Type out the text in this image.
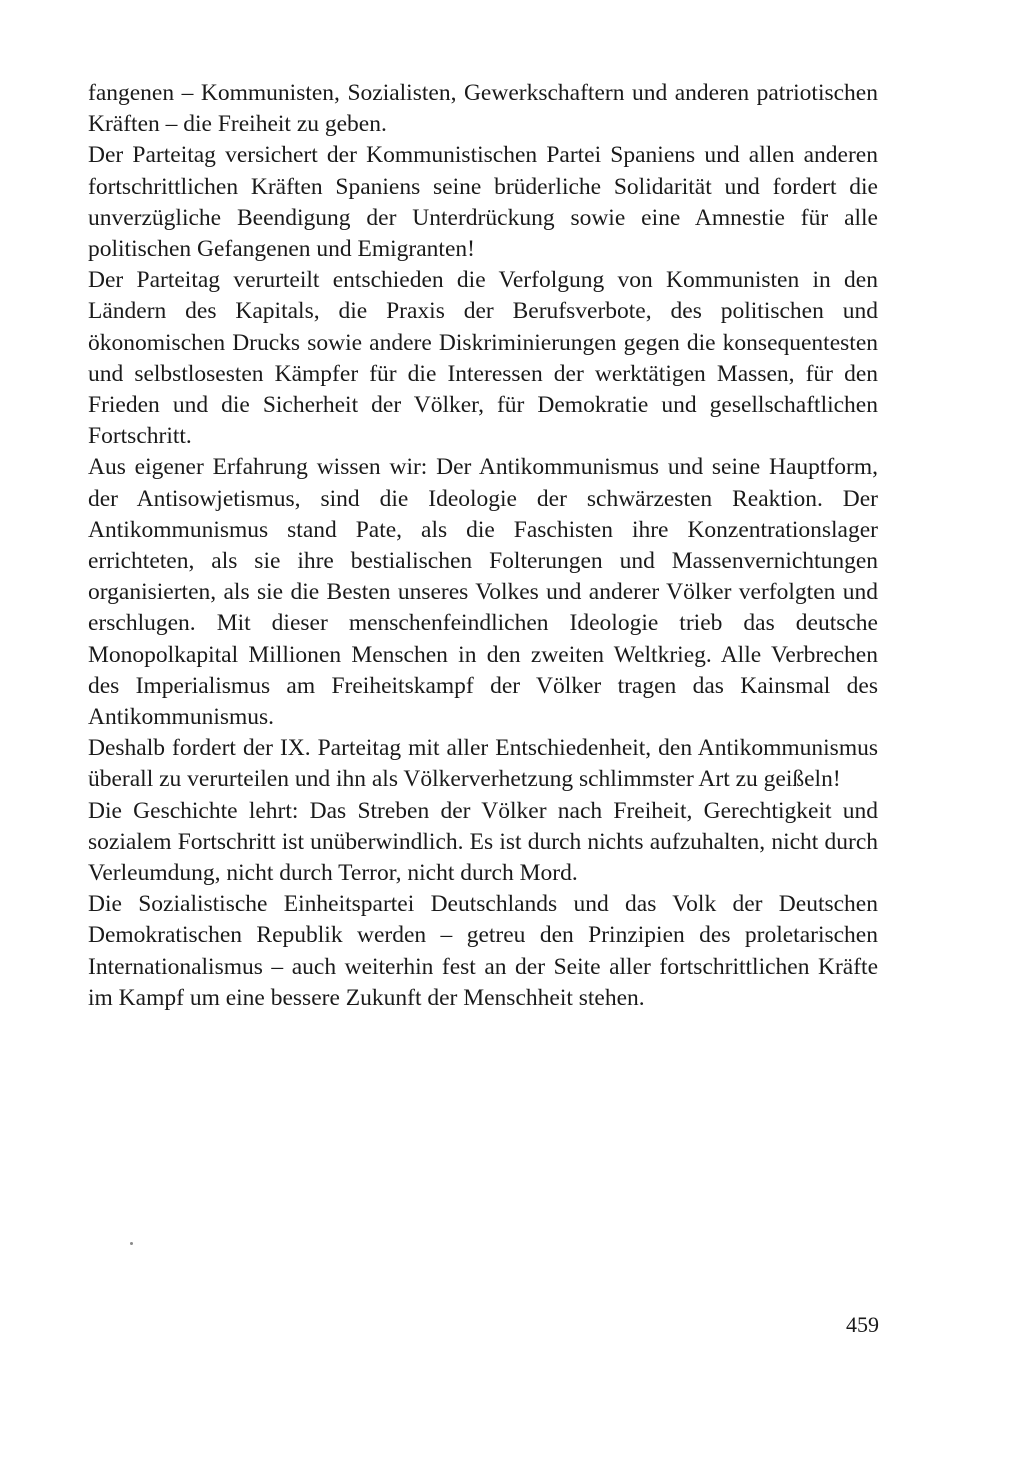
fangenen – Kommunisten, Sozialisten, Gewerkschaftern und anderen patriotischen Kräften – die Freiheit zu geben.

Der Parteitag versichert der Kommunistischen Partei Spaniens und allen anderen fortschrittlichen Kräften Spaniens seine brüderliche Solidarität und fordert die unverzügliche Beendigung der Unterdrückung sowie eine Amnestie für alle politischen Gefangenen und Emigranten!

Der Parteitag verurteilt entschieden die Verfolgung von Kommunisten in den Ländern des Kapitals, die Praxis der Berufsverbote, des politischen und ökonomischen Drucks sowie andere Diskriminierungen gegen die konsequentesten und selbstlosesten Kämpfer für die Interessen der werktätigen Massen, für den Frieden und die Sicherheit der Völker, für Demokratie und gesellschaftlichen Fortschritt.

Aus eigener Erfahrung wissen wir: Der Antikommunismus und seine Hauptform, der Antisowjetismus, sind die Ideologie der schwärzesten Reaktion. Der Antikommunismus stand Pate, als die Faschisten ihre Konzentrationslager errichteten, als sie ihre bestialischen Folterungen und Massenvernichtungen organisierten, als sie die Besten unseres Volkes und anderer Völker verfolgten und erschlugen. Mit dieser menschenfeindlichen Ideologie trieb das deutsche Monopolkapital Millionen Menschen in den zweiten Weltkrieg. Alle Verbrechen des Imperialismus am Freiheitskampf der Völker tragen das Kainsmal des Antikommunismus.

Deshalb fordert der IX. Parteitag mit aller Entschiedenheit, den Antikommunismus überall zu verurteilen und ihn als Völkerverhetzung schlimmster Art zu geißeln!

Die Geschichte lehrt: Das Streben der Völker nach Freiheit, Gerechtigkeit und sozialem Fortschritt ist unüberwindlich. Es ist durch nichts aufzuhalten, nicht durch Verleumdung, nicht durch Terror, nicht durch Mord.

Die Sozialistische Einheitspartei Deutschlands und das Volk der Deutschen Demokratischen Republik werden – getreu den Prinzipien des proletarischen Internationalismus – auch weiterhin fest an der Seite aller fortschrittlichen Kräfte im Kampf um eine bessere Zukunft der Menschheit stehen.

459
